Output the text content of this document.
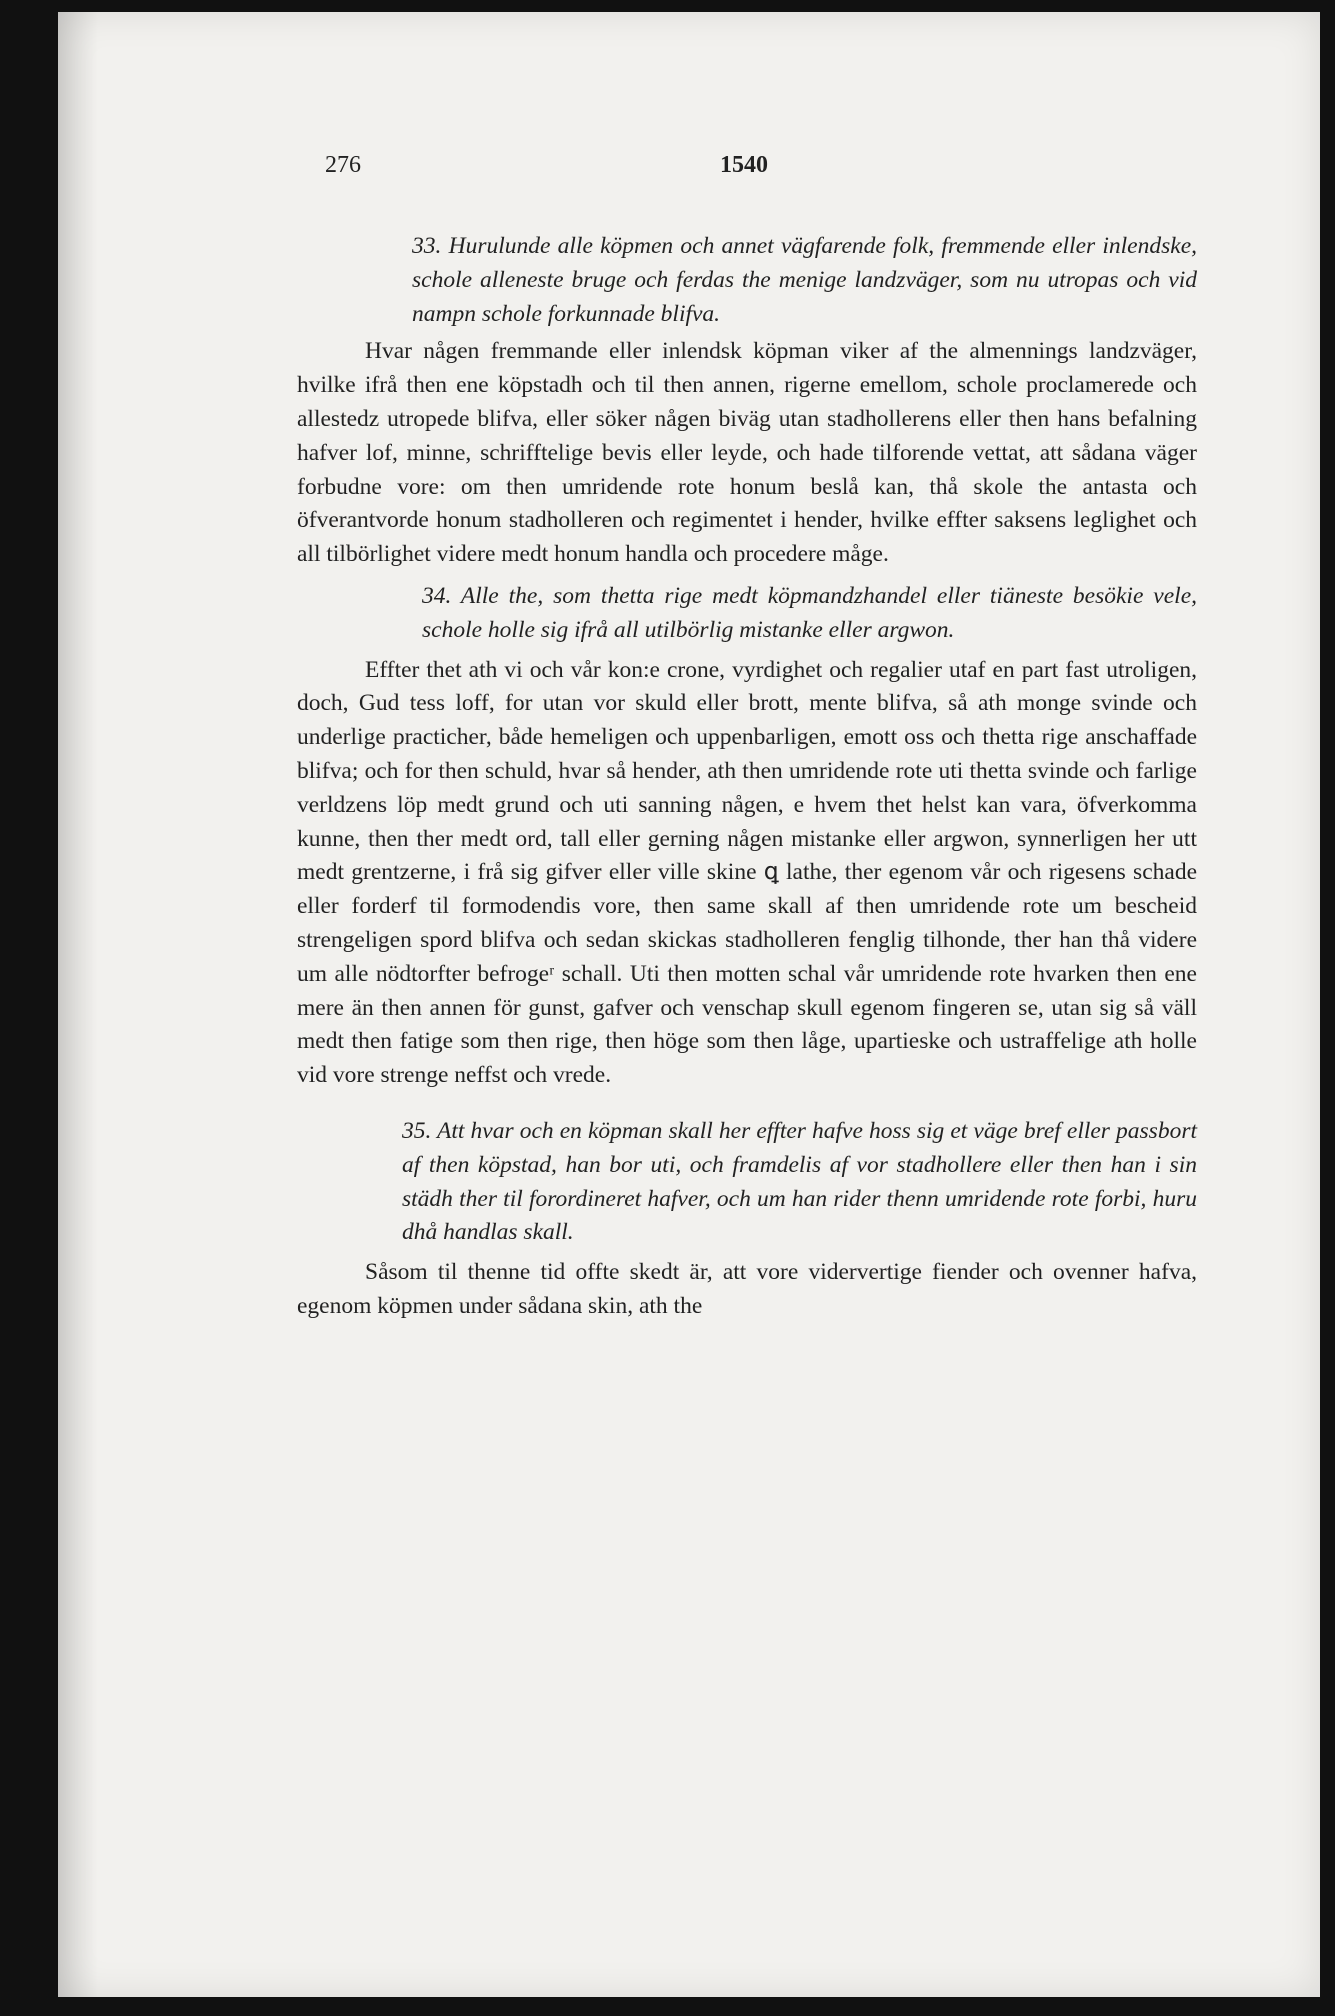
276	1540

33. Hurulunde alle köpmen och annet vägfarende folk, fremmende eller inlendske, schole alleneste bruge och ferdas the menige landzväger, som nu utropas och vid nampn schole forkunnade blifva.

Hvar någen fremmande eller inlendsk köpman viker af the almennings landzväger, hvilke ifrå then ene köpstadh och til then annen, rigerne emellom, schole proclamerede och allestedz utropede blifva, eller söker någen biväg utan stadhollerens eller then hans befalning hafver lof, minne, schrifftelige bevis eller leyde, och hade tilforende vettat, att sådana väger forbudne vore: om then umridende rote honum beslå kan, thå skole the antasta och öfverantvorde honum stadholleren och regimentet i hender, hvilke effter saksens leglighet och all tilbörlighet videre medt honum handla och procedere måge.

34. Alle the, som thetta rige medt köpmandzhandel eller tiäneste besökie vele, schole holle sig ifrå all utilbörlig mistanke eller argwon.

Effter thet ath vi och vår kon:e crone, vyrdighet och regalier utaf en part fast utroligen, doch, Gud tess loff, for utan vor skuld eller brott, mente blifva, så ath monge svinde och underlige practicher, både hemeligen och uppenbarligen, emott oss och thetta rige anschaffade blifva; och for then schuld, hvar så hender, ath then umridende rote uti thetta svinde och farlige verldzens löp medt grund och uti sanning någen, e hvem thet helst kan vara, öfverkomma kunne, then ther medt ord, tall eller gerning någen mistanke eller argwon, synnerligen her utt medt grentzerne, i frå sig gifver eller ville skine ꝗ lathe, ther egenom vår och rigesens schade eller forderf til formodendis vore, then same skall af then umridende rote um bescheid strengeligen spord blifva och sedan skickas stadholleren fenglig tilhonde, ther han thå videre um alle nödtorfter befrogeʳ schall. Uti then motten schal vår umridende rote hvarken then ene mere än then annen för gunst, gafver och venschap skull egenom fingeren se, utan sig så väll medt then fatige som then rige, then höge som then låge, upartieske och ustraffelige ath holle vid vore strenge neffst och vrede.

35. Att hvar och en köpman skall her effter hafve hoss sig et väge bref eller passbort af then köpstad, han bor uti, och framdelis af vor stadhollere eller then han i sin städh ther til forordineret hafver, och um han rider thenn umridende rote forbi, huru dhå handlas skall.

Såsom til thenne tid offte skedt är, att vore vidervertige fiender och ovenner hafva, egenom köpmen under sådana skin, ath the
